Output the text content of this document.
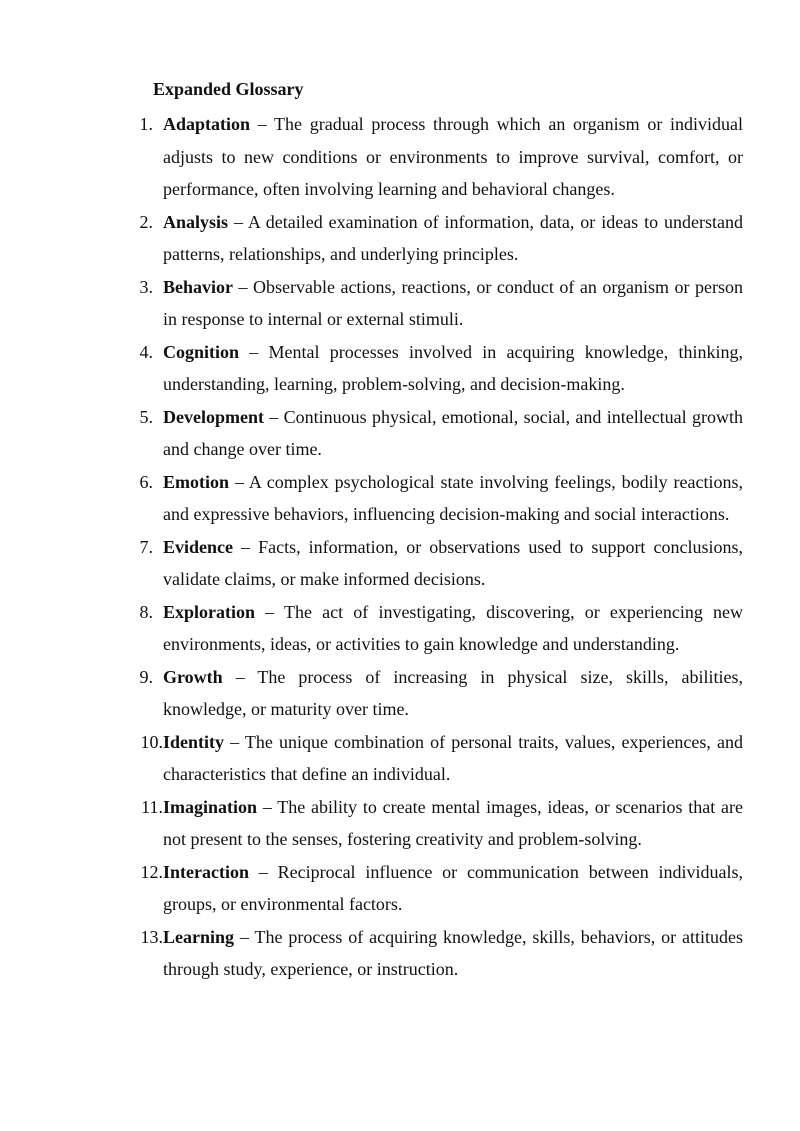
Expanded Glossary
1. Adaptation – The gradual process through which an organism or individual adjusts to new conditions or environments to improve survival, comfort, or performance, often involving learning and behavioral changes.
2. Analysis – A detailed examination of information, data, or ideas to understand patterns, relationships, and underlying principles.
3. Behavior – Observable actions, reactions, or conduct of an organism or person in response to internal or external stimuli.
4. Cognition – Mental processes involved in acquiring knowledge, thinking, understanding, learning, problem-solving, and decision-making.
5. Development – Continuous physical, emotional, social, and intellectual growth and change over time.
6. Emotion – A complex psychological state involving feelings, bodily reactions, and expressive behaviors, influencing decision-making and social interactions.
7. Evidence – Facts, information, or observations used to support conclusions, validate claims, or make informed decisions.
8. Exploration – The act of investigating, discovering, or experiencing new environments, ideas, or activities to gain knowledge and understanding.
9. Growth – The process of increasing in physical size, skills, abilities, knowledge, or maturity over time.
10. Identity – The unique combination of personal traits, values, experiences, and characteristics that define an individual.
11. Imagination – The ability to create mental images, ideas, or scenarios that are not present to the senses, fostering creativity and problem-solving.
12. Interaction – Reciprocal influence or communication between individuals, groups, or environmental factors.
13. Learning – The process of acquiring knowledge, skills, behaviors, or attitudes through study, experience, or instruction.
